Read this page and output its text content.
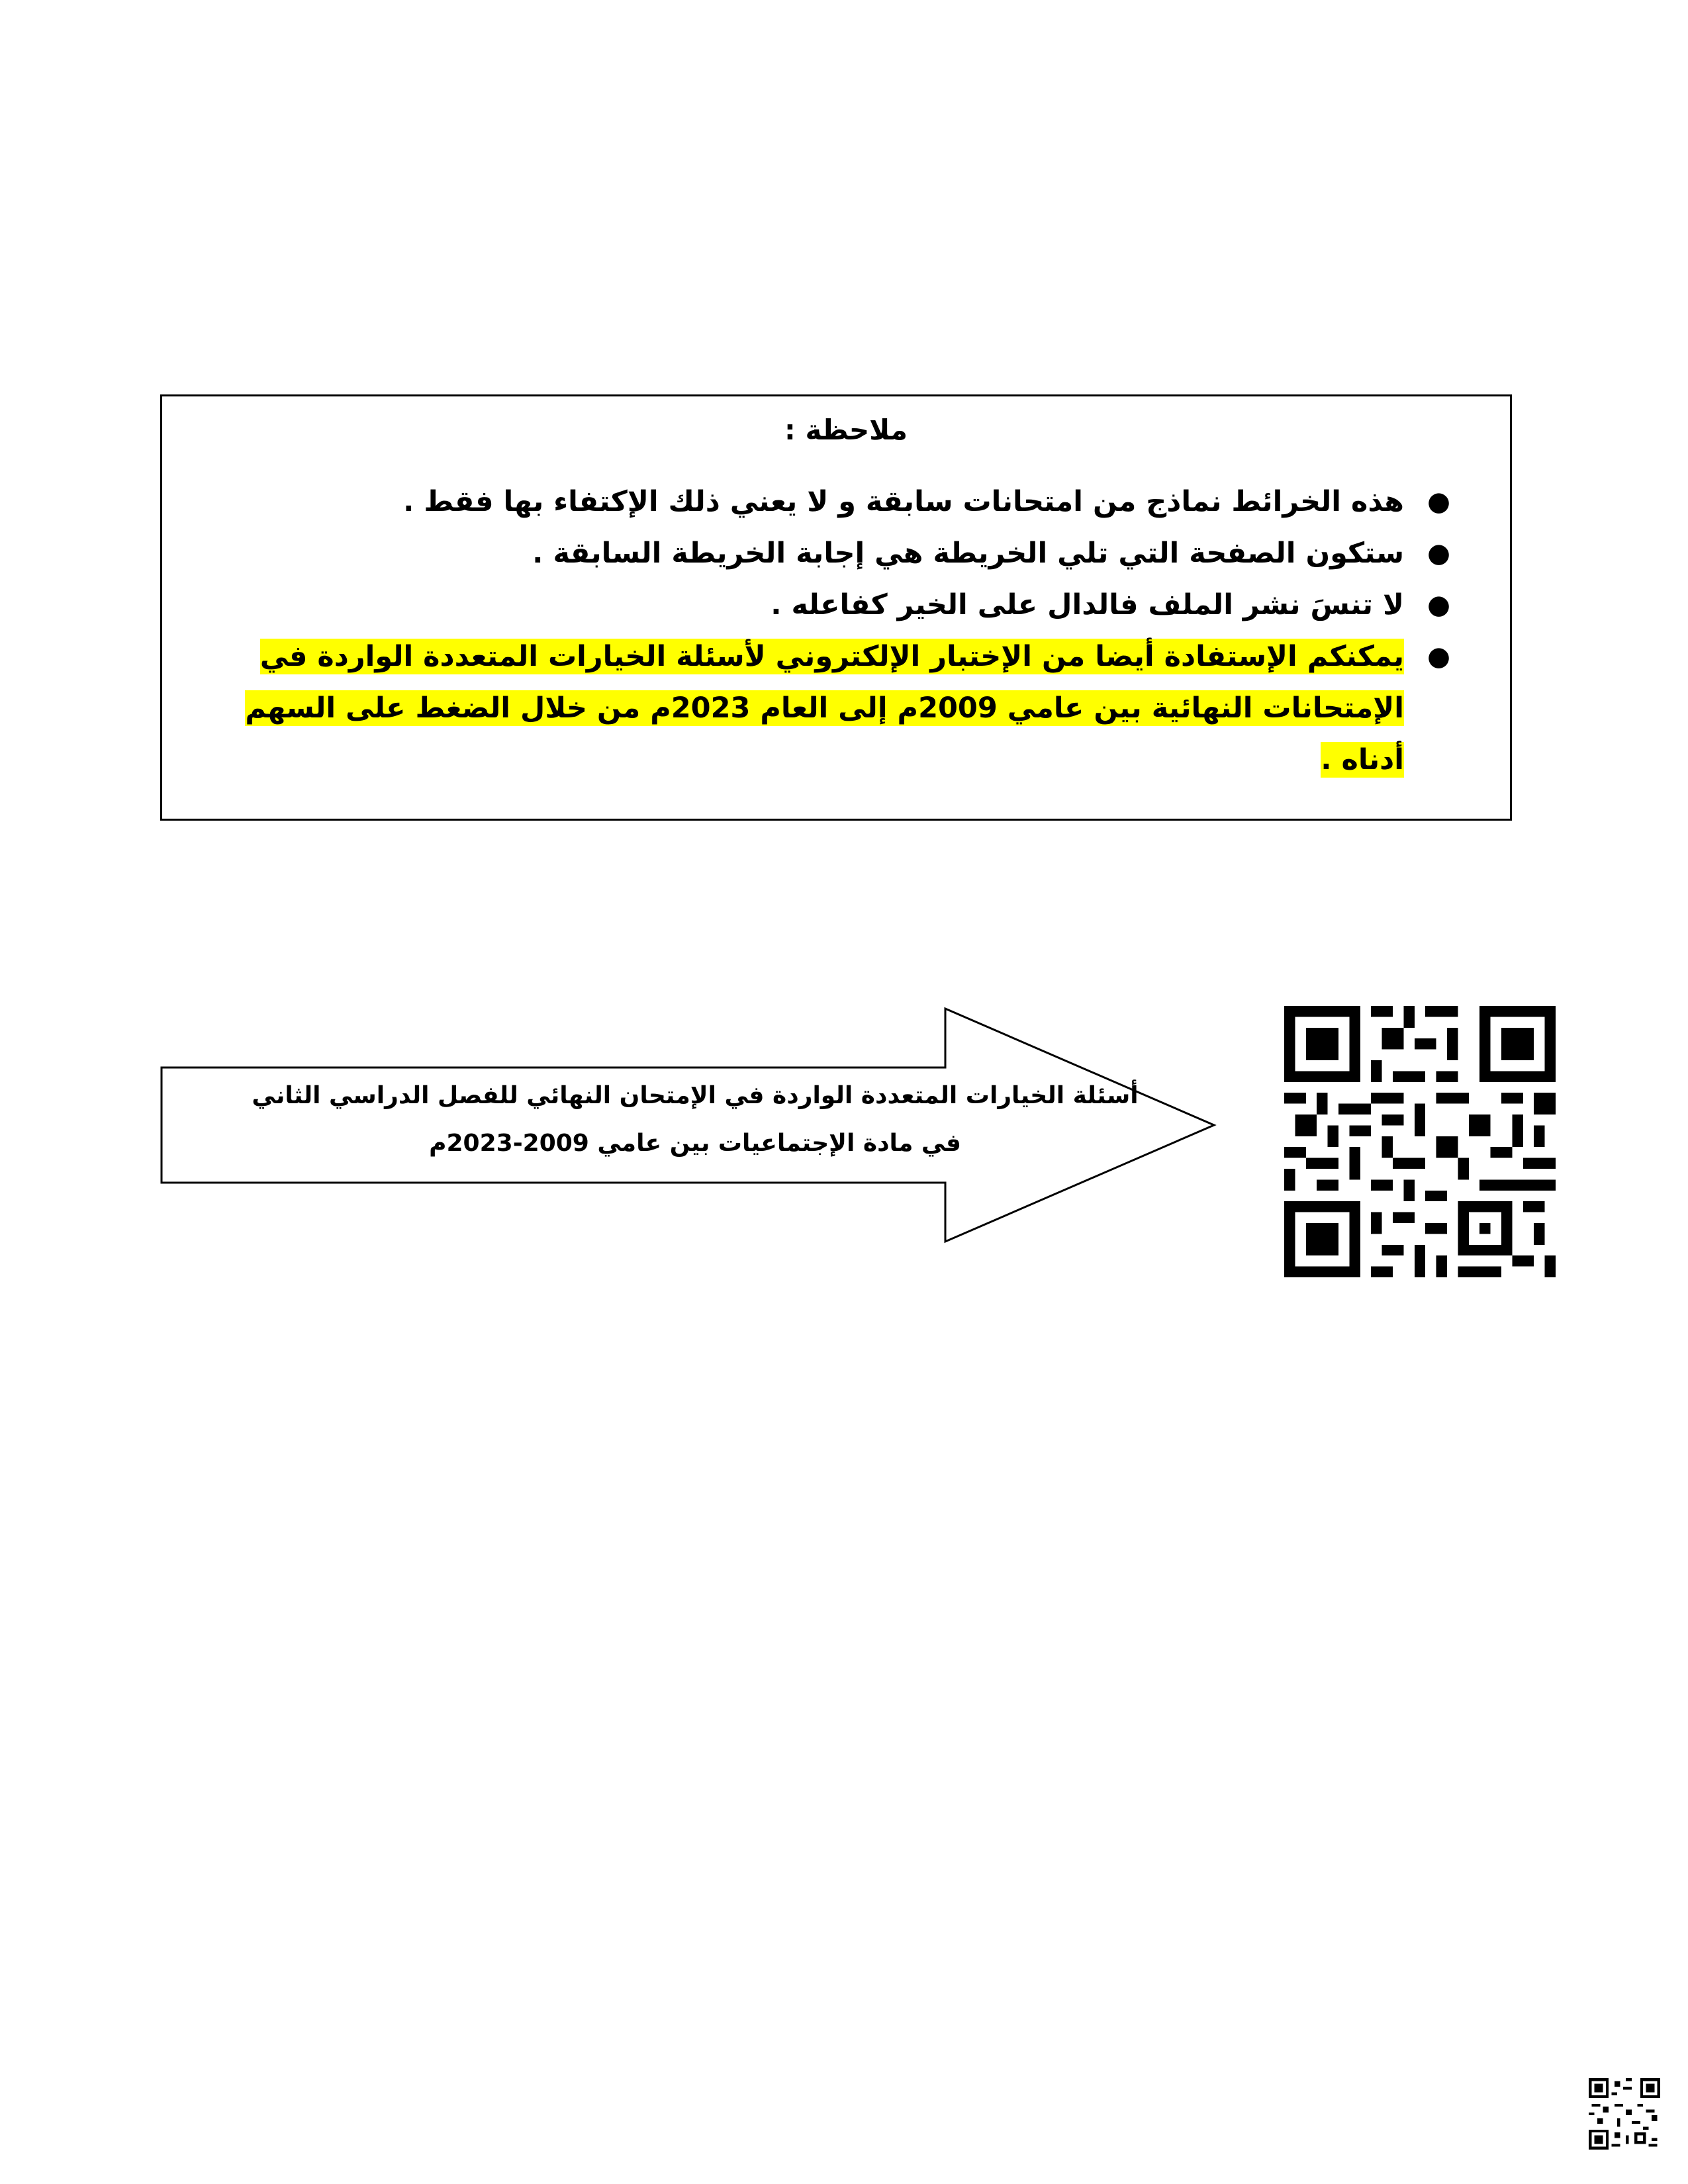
ملاحظة :

●
هذه الخرائط نماذج من امتحانات سابقة و لا يعني ذلك الإكتفاء بها فقط .
●
ستكون الصفحة التي تلي الخريطة هي إجابة الخريطة السابقة .
●
لا تنسَ نشر الملف فالدال على الخير كفاعله .
●
يمكنكم الإستفادة أيضا من الإختبار الإلكتروني لأسئلة الخيارات المتعددة الواردة في الإمتحانات النهائية بين عامي 2009م إلى العام 2023م من خلال الضغط على السهم أدناه .
أسئلة الخيارات المتعددة الواردة في الإمتحان النهائي للفصل الدراسي الثاني
في مادة الإجتماعيات بين عامي 2009-2023م
